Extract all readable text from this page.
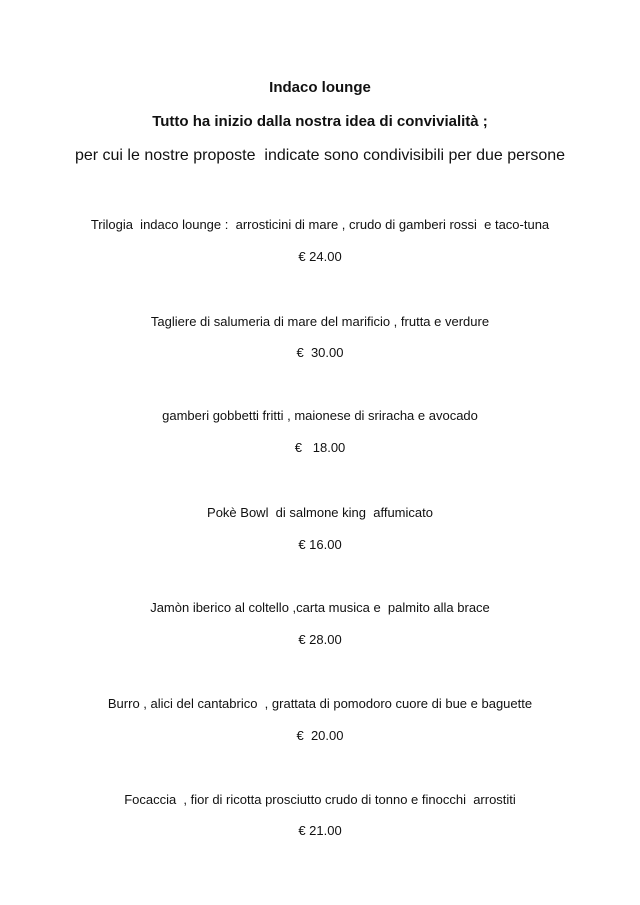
Indaco lounge
Tutto ha inizio dalla nostra idea di convivialità ;
per cui le nostre proposte  indicate sono condivisibili per due persone
Trilogia  indaco lounge :  arrosticini di mare , crudo di gamberi rossi  e taco-tuna
€ 24.00
Tagliere di salumeria di mare del marificio , frutta e verdure
€  30.00
gamberi gobbetti fritti , maionese di sriracha e avocado
€   18.00
Pokè Bowl  di salmone king  affumicato
€ 16.00
Jamòn iberico al coltello ,carta musica e  palmito alla brace
€ 28.00
Burro , alici del cantabrico  , grattata di pomodoro cuore di bue e baguette
€  20.00
Focaccia  , fior di ricotta prosciutto crudo di tonno e finocchi  arrostiti
€ 21.00
